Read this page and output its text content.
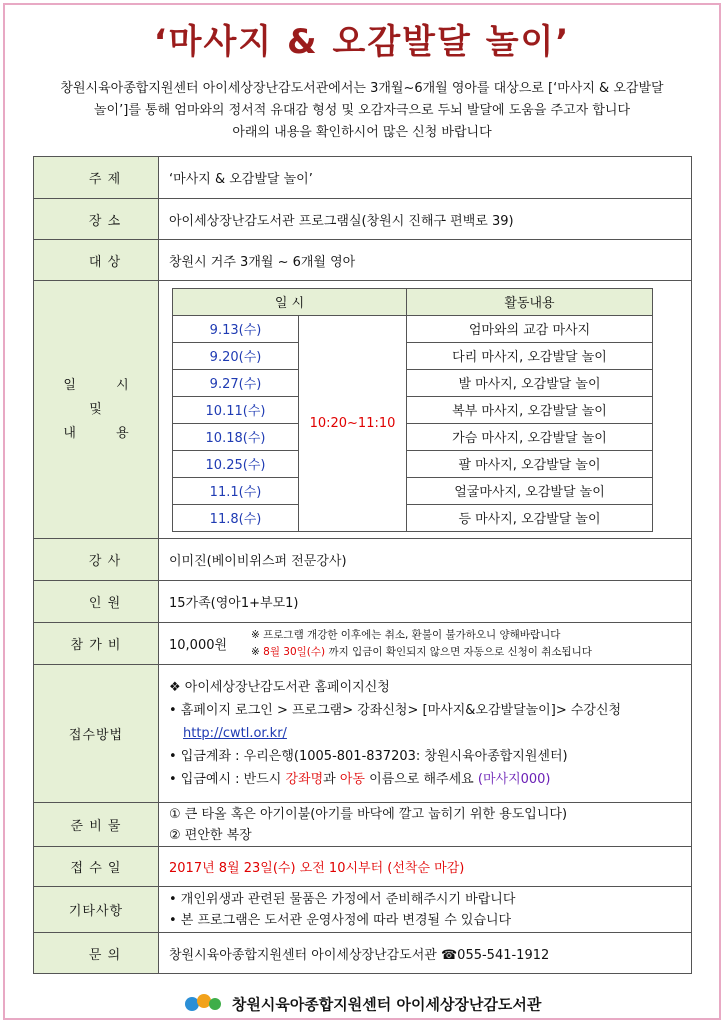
‘마사지 & 오감발달 놀이’
창원시육아종합지원센터 아이세상장난감도서관에서는 3개월~6개월 영아를 대상으로 [‘마사지 & 오감발달
놀이’]를 통해 엄마와의 정서적 유대감 형성 및 오감자극으로 두뇌 발달에 도움을 주고자 합니다
아래의 내용을 확인하시어 많은 신청 바랍니다
주 제	‘마사지 & 오감발달 놀이’
장 소	아이세상장난감도서관 프로그램실(창원시 진해구 편백로 39)
대 상	창원시 거주 3개월 ~ 6개월 영아

일 시
및
내 용

일 시	활동내용
9.13(수)	10:20~11:10	엄마와의 교감 마사지
9.20(수)	다리 마사지, 오감발달 놀이
9.27(수)	발 마사지, 오감발달 놀이
10.11(수)	복부 마사지, 오감발달 놀이
10.18(수)	가슴 마사지, 오감발달 놀이
10.25(수)	팔 마사지, 오감발달 놀이
11.1(수)	얼굴마사지, 오감발달 놀이
11.8(수)	등 마사지, 오감발달 놀이

강 사	이미진(베이비위스퍼 전문강사)
인 원	15가족(영아1+부모1)
참 가 비	10,000원
※ 프로그램 개강한 이후에는 취소, 환불이 불가하오니 양해바랍니다
※ 8월 30일(수) 까지 입금이 확인되지 않으면 자동으로 신청이 취소됩니다

접수방법	
❖ 아이세상장난감도서관 홈페이지신청
• 홈페이지 로그인 > 프로그램> 강좌신청> [마사지&오감발달놀이]> 수강신청
http://cwtl.or.kr/
• 입금계좌 : 우리은행(1005-801-837203: 창원시육아종합지원센터)
• 입금예시 : 반드시 강좌명과 아동 이름으로 해주세요 (마사지000)

준 비 물	
① 큰 타올 혹은 아기이불(아기를 바닥에 깔고 눕히기 위한 용도입니다)
② 편안한 복장

접 수 일	2017년 8월 23일(수) 오전 10시부터 (선착순 마감)
기타사항	
• 개인위생과 관련된 물품은 가정에서 준비해주시기 바랍니다
• 본 프로그램은 도서관 운영사정에 따라 변경될 수 있습니다

문 의	창원시육아종합지원센터 아이세상장난감도서관 ☎055-541-1912
창원시육아종합지원센터 아이세상장난감도서관
